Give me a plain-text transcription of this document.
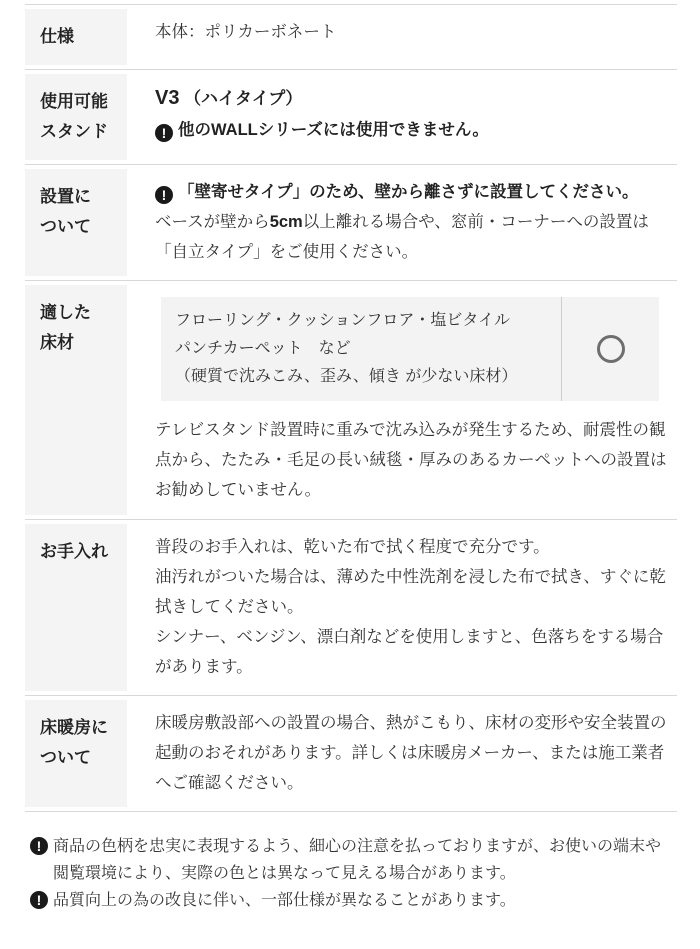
仕様	本体：ポリカーボネート
使用可能
スタンド
V3 （ハイタイプ）
! 他のWALLシリーズには使用できません。
設置に
ついて
! 「壁寄せタイプ」のため、壁から離さずに設置してください。
ベースが壁から5cm以上離れる場合や、窓前・コーナーへの設置は「自立タイプ」をご使用ください。
適した
床材
フローリング・クッションフロア・塩ビタイル
パンチカーペット　など
（硬質で沈みこみ、歪み、傾き が少ない床材）
テレビスタンド設置時に重みで沈み込みが発生するため、耐震性の観点から、たたみ・毛足の長い絨毯・厚みのあるカーペットへの設置はお勧めしていません。
お手入れ	普段のお手入れは、乾いた布で拭く程度で充分です。
油汚れがついた場合は、薄めた中性洗剤を浸した布で拭き、すぐに乾拭きしてください。
シンナー、ベンジン、漂白剤などを使用しますと、色落ちをする場合があります。
床暖房に
ついて
床暖房敷設部への設置の場合、熱がこもり、床材の変形や安全装置の起動のおそれがあります。詳しくは床暖房メーカー、または施工業者へご確認ください。
! 商品の色柄を忠実に表現するよう、細心の注意を払っておりますが、お使いの端末や閲覧環境により、実際の色とは異なって見える場合があります。
! 品質向上の為の改良に伴い、一部仕様が異なることがあります。
